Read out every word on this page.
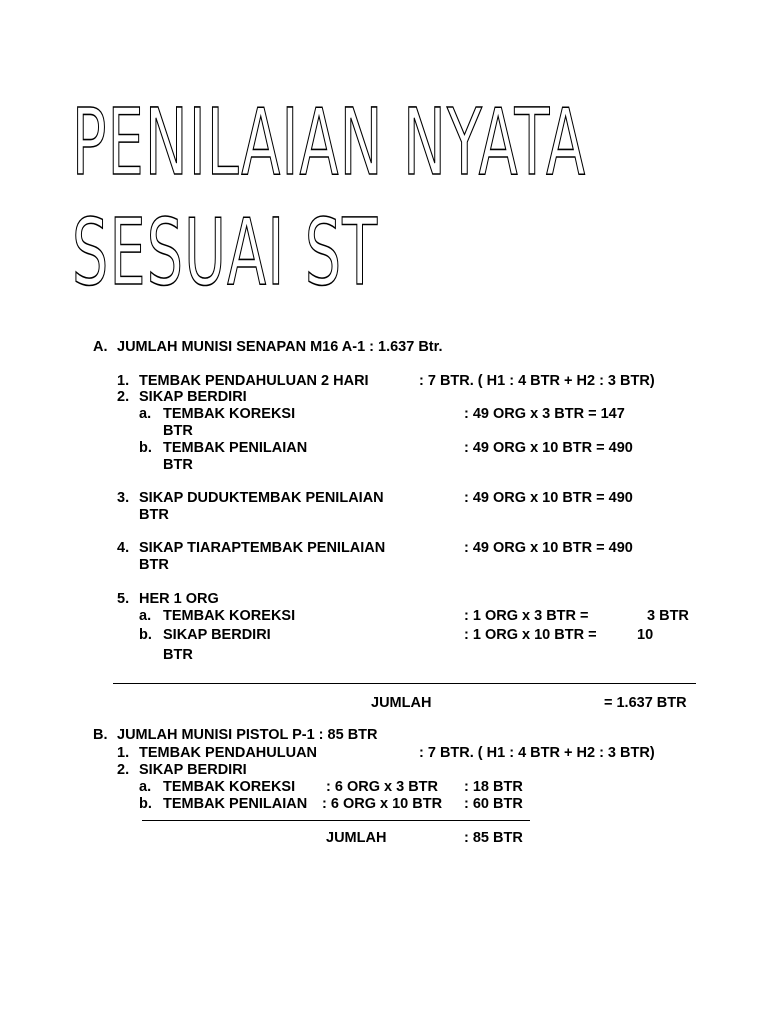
PENILAIAN NYATA
SESUAI ST
A. JUMLAH MUNISI SENAPAN M16 A-1 : 1.637 Btr.
1. TEMBAK PENDAHULUAN 2 HARI	: 7 BTR. ( H1 : 4 BTR + H2 : 3 BTR)
2. SIKAP BERDIRI
a. TEMBAK KOREKSI	: 49 ORG x 3 BTR = 147
BTR
b. TEMBAK PENILAIAN	: 49 ORG x 10 BTR = 490
BTR
3. SIKAP DUDUKTEMBAK PENILAIAN	: 49 ORG x 10 BTR = 490
BTR
4. SIKAP TIARAPTEMBAK PENILAIAN	: 49 ORG x 10 BTR = 490
BTR
5. HER 1 ORG
a. TEMBAK KOREKSI	: 1 ORG x 3 BTR =	3 BTR
b. SIKAP BERDIRI	: 1 ORG x 10 BTR =	10
BTR
JUMLAH	= 1.637 BTR
B. JUMLAH MUNISI PISTOL P-1 : 85 BTR
1. TEMBAK PENDAHULUAN	: 7 BTR. ( H1 : 4 BTR + H2 : 3 BTR)
2. SIKAP BERDIRI
a. TEMBAK KOREKSI : 6 ORG x 3 BTR : 18 BTR
b. TEMBAK PENILAIAN : 6 ORG x 10 BTR : 60 BTR
JUMLAH	: 85 BTR
